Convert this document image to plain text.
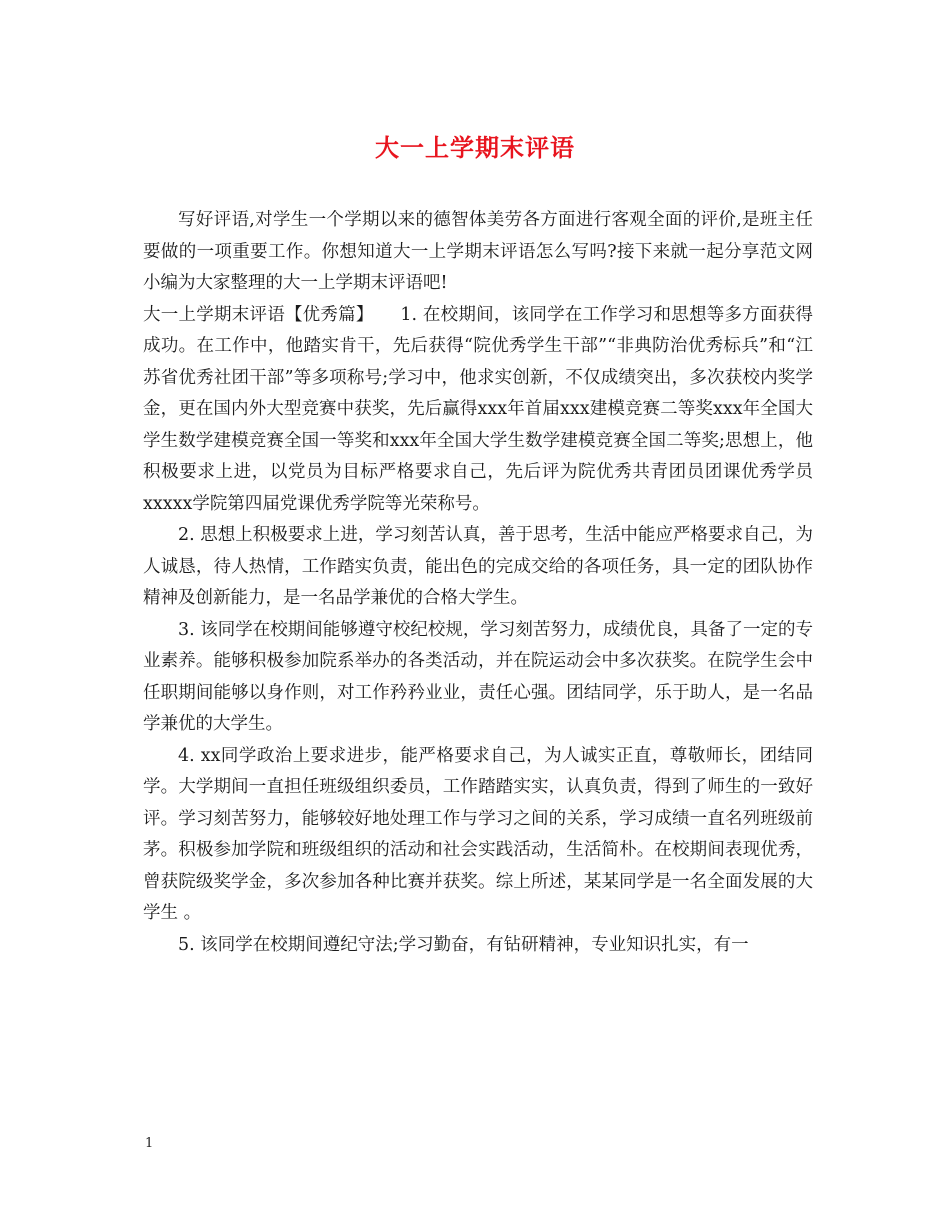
大一上学期末评语

写好评语,对学生一个学期以来的德智体美劳各方面进行客观全面的评价,是班主任要做的一项重要工作。你想知道大一上学期末评语怎么写吗?接下来就一起分享范文网小编为大家整理的大一上学期末评语吧!

大一上学期末评语【优秀篇】　　1. 在校期间，该同学在工作学习和思想等多方面获得成功。在工作中，他踏实肯干，先后获得“院优秀学生干部”“非典防治优秀标兵”和“江苏省优秀社团干部”等多项称号;学习中，他求实创新，不仅成绩突出，多次获校内奖学金，更在国内外大型竞赛中获奖，先后赢得xxx年首届xxx建模竞赛二等奖xxx年全国大学生数学建模竞赛全国一等奖和xxx年全国大学生数学建模竞赛全国二等奖;思想上，他积极要求上进，以党员为目标严格要求自己，先后评为院优秀共青团员团课优秀学员xxxxx学院第四届党课优秀学院等光荣称号。

2. 思想上积极要求上进，学习刻苦认真，善于思考，生活中能应严格要求自己，为人诚恳，待人热情，工作踏实负责，能出色的完成交给的各项任务，具一定的团队协作精神及创新能力，是一名品学兼优的合格大学生。

3. 该同学在校期间能够遵守校纪校规，学习刻苦努力，成绩优良，具备了一定的专业素养。能够积极参加院系举办的各类活动，并在院运动会中多次获奖。在院学生会中任职期间能够以身作则，对工作矜矜业业，责任心强。团结同学，乐于助人，是一名品学兼优的大学生。

4. xx同学政治上要求进步，能严格要求自己，为人诚实正直，尊敬师长，团结同学。大学期间一直担任班级组织委员，工作踏踏实实，认真负责，得到了师生的一致好评。学习刻苦努力，能够较好地处理工作与学习之间的关系，学习成绩一直名列班级前茅。积极参加学院和班级组织的活动和社会实践活动，生活简朴。在校期间表现优秀，曾获院级奖学金，多次参加各种比赛并获奖。综上所述，某某同学是一名全面发展的大学生 。

5. 该同学在校期间遵纪守法;学习勤奋，有钻研精神，专业知识扎实，有一

1
